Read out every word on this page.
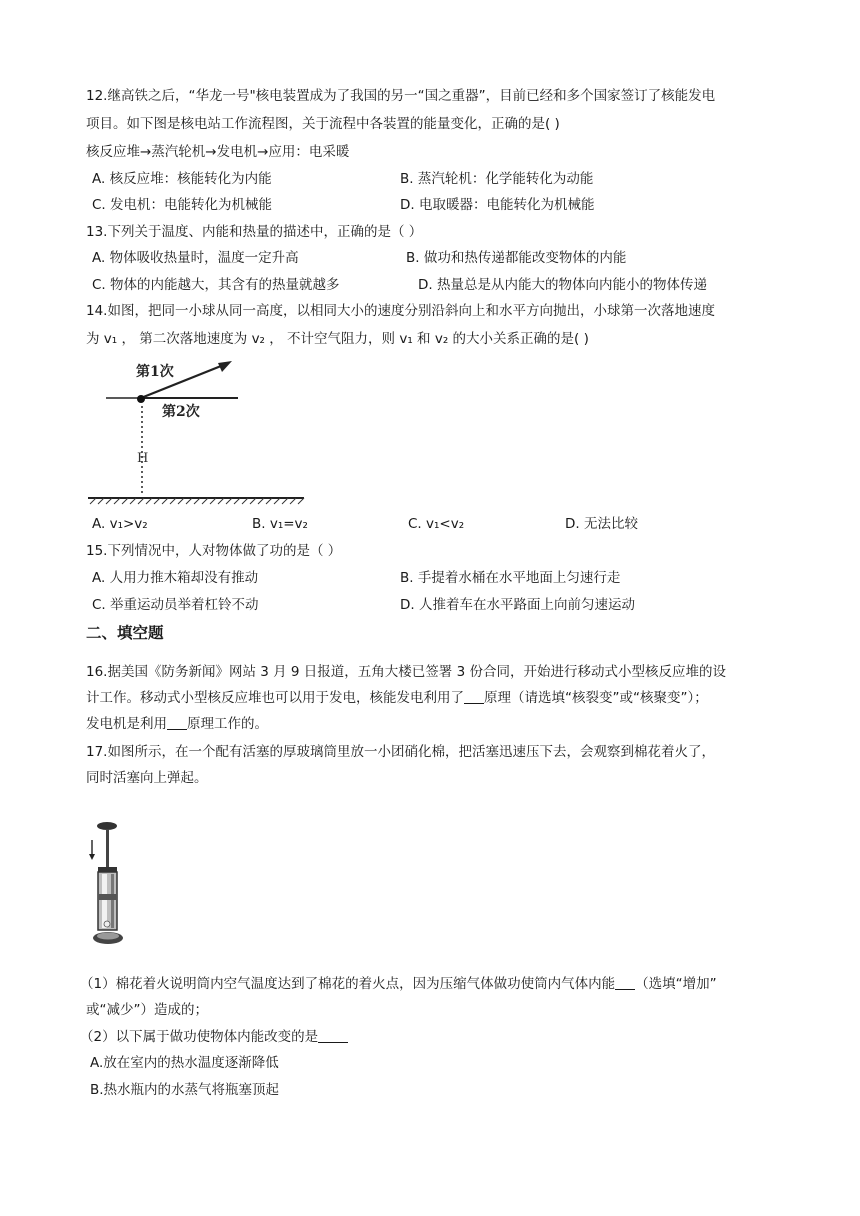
12.继高铁之后，“华龙一号"核电装置成为了我国的另一“国之重器”，目前已经和多个国家签订了核能发电
项目。如下图是核电站工作流程图，关于流程中各装置的能量变化，正确的是( )
核反应堆→蒸汽轮机→发电机→应用：电采暖
A. 核反应堆：核能转化为内能	B. 蒸汽轮机：化学能转化为动能
C. 发电机：电能转化为机械能	D. 电取暖器：电能转化为机械能
13.下列关于温度、内能和热量的描述中，正确的是（ ）
A. 物体吸收热量时，温度一定升高	B. 做功和热传递都能改变物体的内能
C. 物体的内能越大，其含有的热量就越多	D. 热量总是从内能大的物体向内能小的物体传递
14.如图，把同一小球从同一高度，以相同大小的速度分别沿斜向上和水平方向抛出，小球第一次落地速度
为 v₁ ， 第二次落地速度为 v₂ ， 不计空气阻力，则 v₁ 和 v₂ 的大小关系正确的是( )
第1次
第2次
H
A. v₁>v₂	B. v₁=v₂	C. v₁<v₂	D. 无法比较
15.下列情况中，人对物体做了功的是（ ）
A. 人用力推木箱却没有推动	B. 手提着水桶在水平地面上匀速行走
C. 举重运动员举着杠铃不动	D. 人推着车在水平路面上向前匀速运动
二、填空题
16.据美国《防务新闻》网站 3 月 9 日报道，五角大楼已签署 3 份合同，开始进行移动式小型核反应堆的设
计工作。移动式小型核反应堆也可以用于发电，核能发电利用了 原理（请选填“核裂变”或“核聚变”）；
发电机是利用 原理工作的。
17.如图所示，在一个配有活塞的厚玻璃筒里放一小团硝化棉，把活塞迅速压下去，会观察到棉花着火了，
同时活塞向上弹起。
（1）棉花着火说明筒内空气温度达到了棉花的着火点，因为压缩气体做功使筒内气体内能 （选填“增加”
或“减少”）造成的；
（2）以下属于做功使物体内能改变的是
A.放在室内的热水温度逐渐降低
B.热水瓶内的水蒸气将瓶塞顶起
